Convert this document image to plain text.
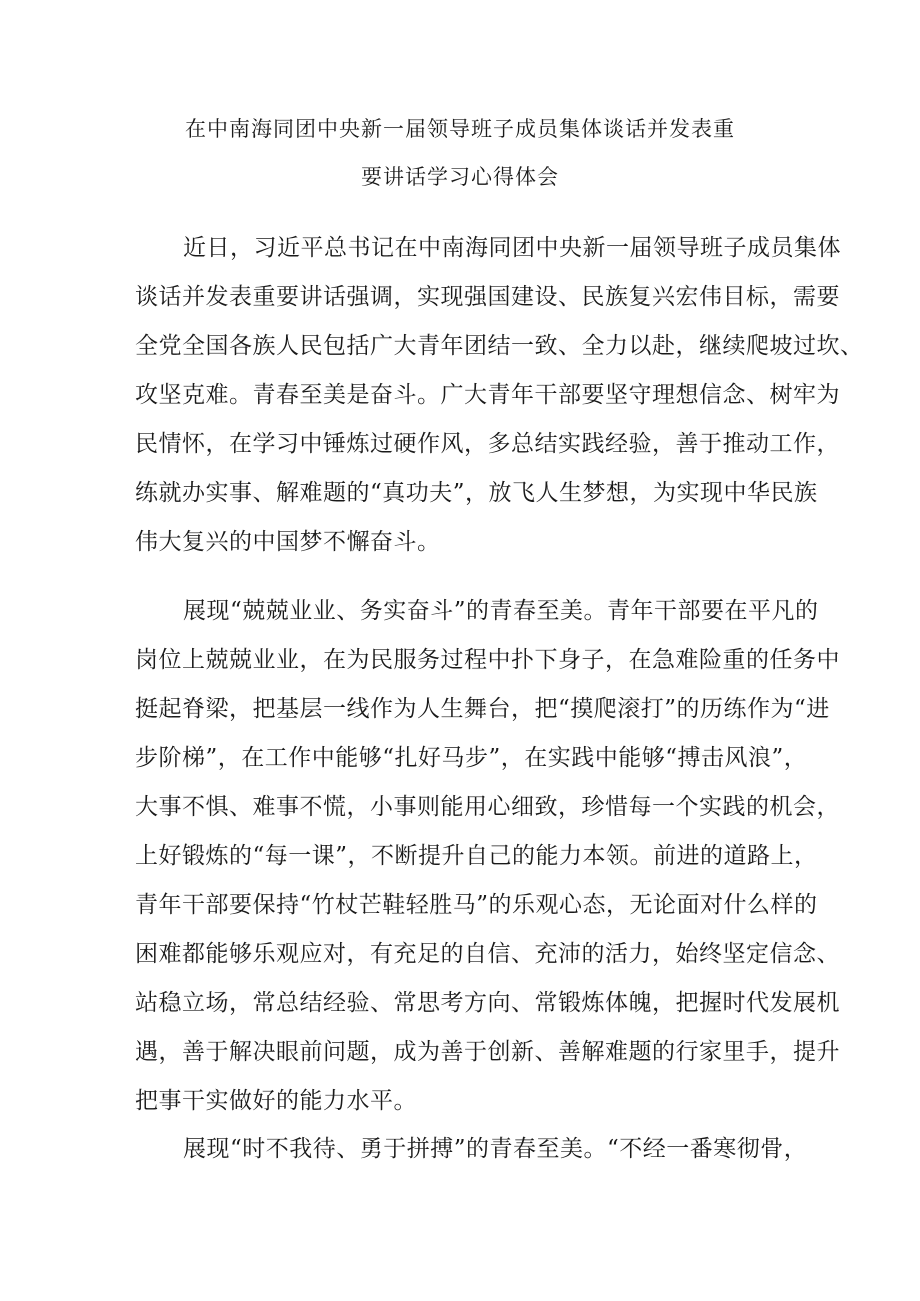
在中南海同团中央新一届领导班子成员集体谈话并发表重
要讲话学习心得体会
近日，习近平总书记在中南海同团中央新一届领导班子成员集体
谈话并发表重要讲话强调，实现强国建设、民族复兴宏伟目标，需要
全党全国各族人民包括广大青年团结一致、全力以赴，继续爬坡过坎、
攻坚克难。青春至美是奋斗。广大青年干部要坚守理想信念、树牢为
民情怀，在学习中锤炼过硬作风，多总结实践经验，善于推动工作，
练就办实事、解难题的“真功夫”，放飞人生梦想，为实现中华民族
伟大复兴的中国梦不懈奋斗。
展现“兢兢业业、务实奋斗”的青春至美。青年干部要在平凡的
岗位上兢兢业业，在为民服务过程中扑下身子，在急难险重的任务中
挺起脊梁，把基层一线作为人生舞台，把“摸爬滚打”的历练作为“进
步阶梯”，在工作中能够“扎好马步”，在实践中能够“搏击风浪”，
大事不惧、难事不慌，小事则能用心细致，珍惜每一个实践的机会，
上好锻炼的“每一课”，不断提升自己的能力本领。前进的道路上，
青年干部要保持“竹杖芒鞋轻胜马”的乐观心态，无论面对什么样的
困难都能够乐观应对，有充足的自信、充沛的活力，始终坚定信念、
站稳立场，常总结经验、常思考方向、常锻炼体魄，把握时代发展机
遇，善于解决眼前问题，成为善于创新、善解难题的行家里手，提升
把事干实做好的能力水平。
展现“时不我待、勇于拼搏”的青春至美。“不经一番寒彻骨，
